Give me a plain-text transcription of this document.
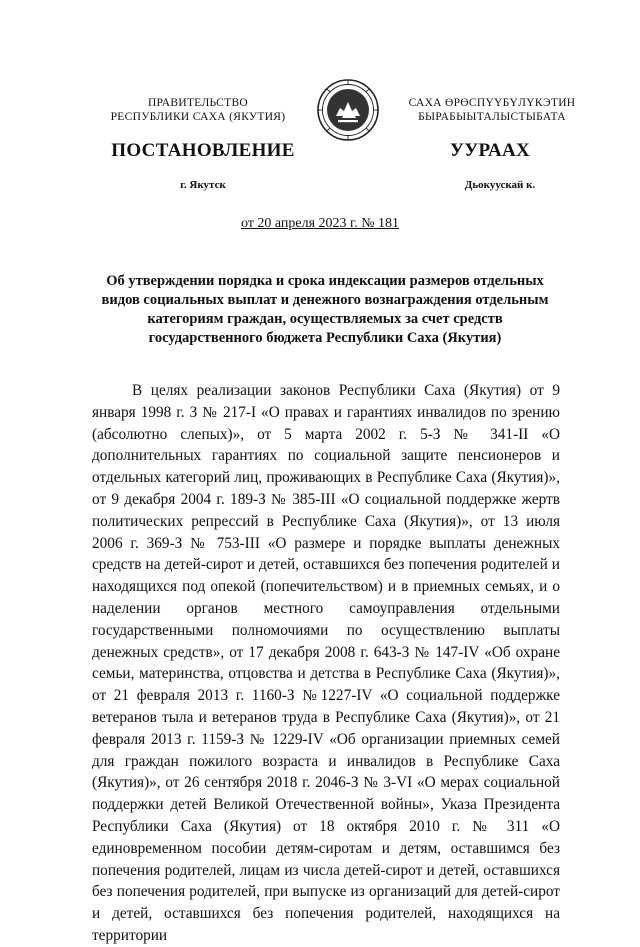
ПРАВИТЕЛЬСТВО
РЕСПУБЛИКИ САХА (ЯКУТИЯ)
САХА ӨРӨСПҮҮБҮЛҮКЭТИН
БЫРАБЫЫТАЛЫСТЫБАТА
ПОСТАНОВЛЕНИЕ	УУРААХ
г. Якутск	Дьокуускай к.
от 20 апреля 2023 г. № 181
Об утверждении порядка и срока индексации размеров отдельных видов социальных выплат и денежного вознаграждения отдельным категориям граждан, осуществляемых за счет средств государственного бюджета Республики Саха (Якутия)
В целях реализации законов Республики Саха (Якутия) от 9 января 1998 г. З № 217-I «О правах и гарантиях инвалидов по зрению (абсолютно слепых)», от 5 марта 2002 г. 5-З № 341-II «О дополнительных гарантиях по социальной защите пенсионеров и отдельных категорий лиц, проживающих в Республике Саха (Якутия)», от 9 декабря 2004 г. 189-З № 385-III «О социальной поддержке жертв политических репрессий в Республике Саха (Якутия)», от 13 июля 2006 г. 369-З № 753-III «О размере и порядке выплаты денежных средств на детей-сирот и детей, оставшихся без попечения родителей и находящихся под опекой (попечительством) и в приемных семьях, и о наделении органов местного самоуправления отдельными государственными полномочиями по осуществлению выплаты денежных средств», от 17 декабря 2008 г. 643-З № 147-IV «Об охране семьи, материнства, отцовства и детства в Республике Саха (Якутия)», от 21 февраля 2013 г. 1160-З №1227-IV «О социальной поддержке ветеранов тыла и ветеранов труда в Республике Саха (Якутия)», от 21 февраля 2013 г. 1159-З № 1229-IV «Об организации приемных семей для граждан пожилого возраста и инвалидов в Республике Саха (Якутия)», от 26 сентября 2018 г. 2046-З № 3-VI «О мерах социальной поддержки детей Великой Отечественной войны», Указа Президента Республики Саха (Якутия) от 18 октября 2010 г. № 311 «О единовременном пособии детям-сиротам и детям, оставшимся без попечения родителей, лицам из числа детей-сирот и детей, оставшихся без попечения родителей, при выпуске из организаций для детей-сирот и детей, оставшихся без попечения родителей, находящихся на территории
